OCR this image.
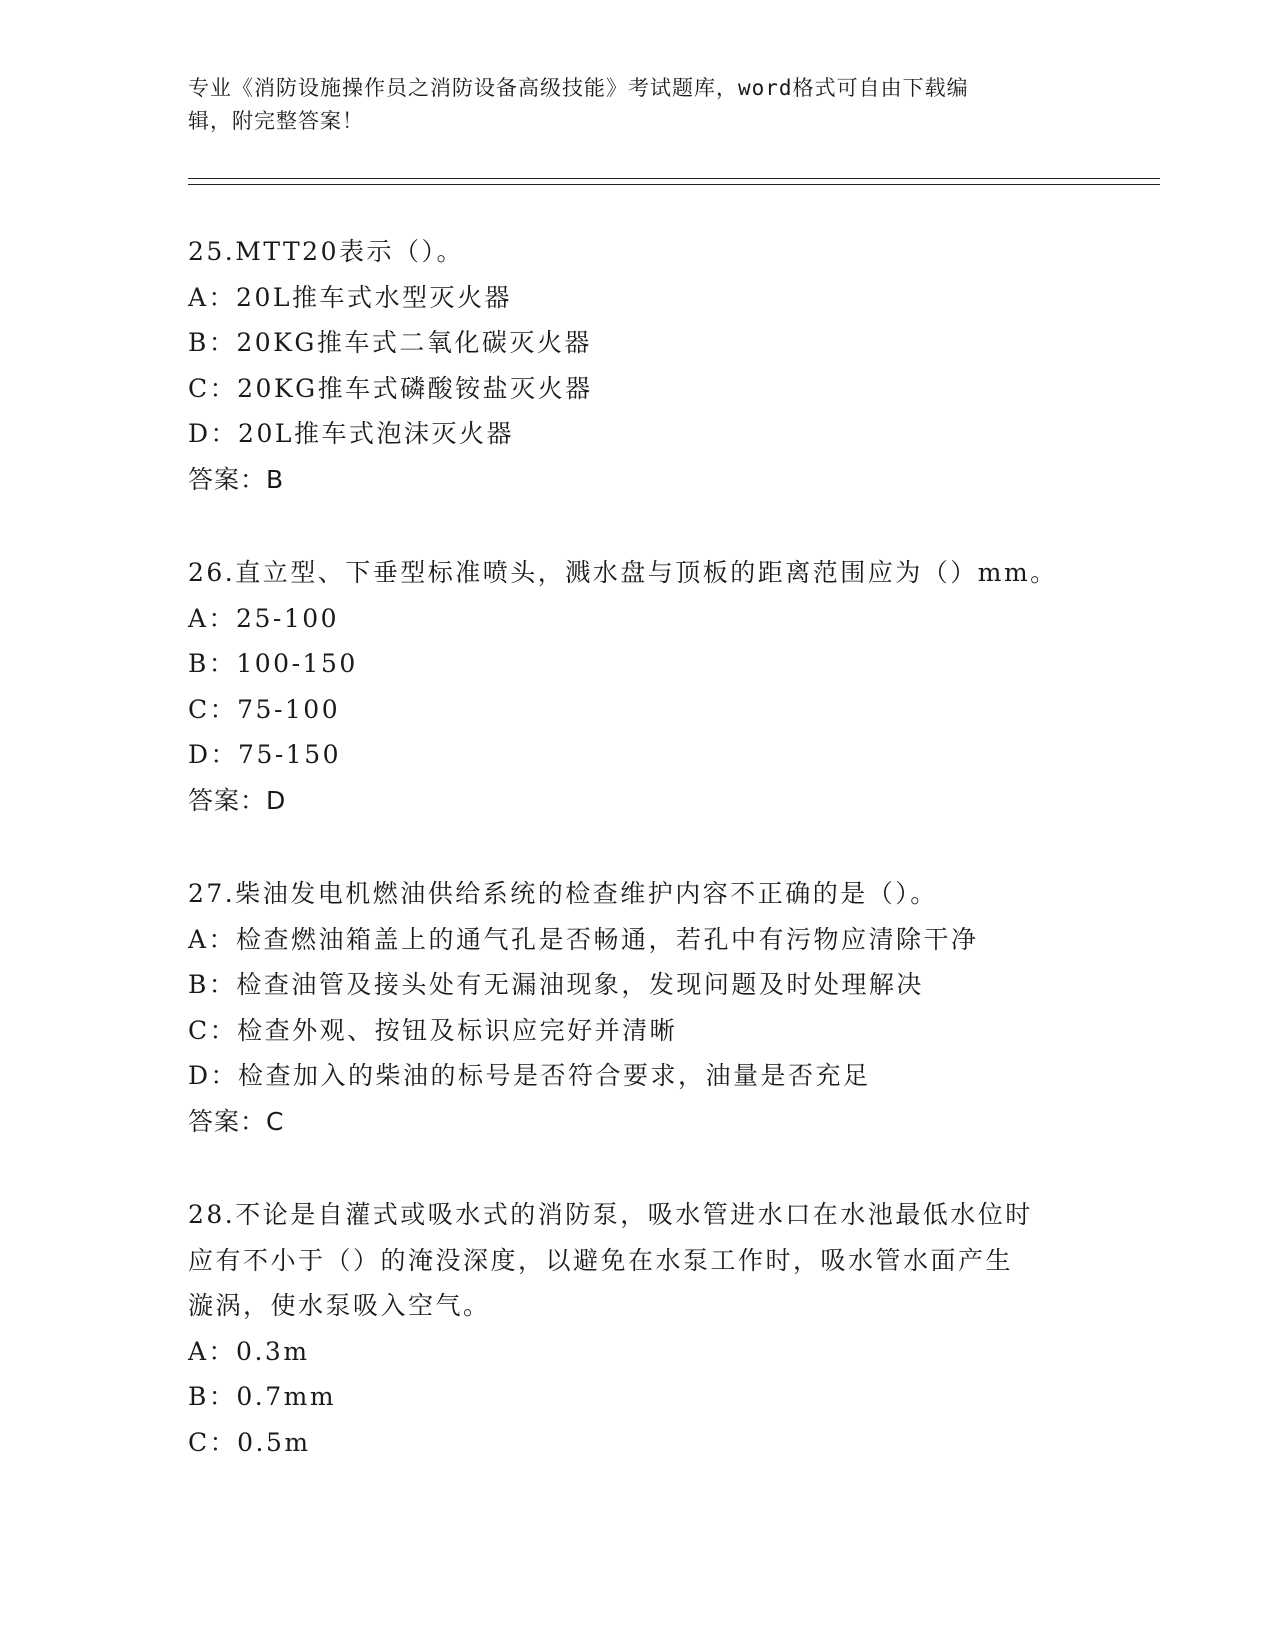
专业《消防设施操作员之消防设备高级技能》考试题库，word格式可自由下载编
辑，附完整答案！
25.MTT20表示（）。
A：20L推车式水型灭火器
B：20KG推车式二氧化碳灭火器
C：20KG推车式磷酸铵盐灭火器
D：20L推车式泡沫灭火器
答案：B
26.直立型、下垂型标准喷头，溅水盘与顶板的距离范围应为（）mm。
A：25-100
B：100-150
C：75-100
D：75-150
答案：D
27.柴油发电机燃油供给系统的检查维护内容不正确的是（）。
A：检查燃油箱盖上的通气孔是否畅通，若孔中有污物应清除干净
B：检查油管及接头处有无漏油现象，发现问题及时处理解决
C：检查外观、按钮及标识应完好并清晰
D：检查加入的柴油的标号是否符合要求，油量是否充足
答案：C
28.不论是自灌式或吸水式的消防泵，吸水管进水口在水池最低水位时
应有不小于（）的淹没深度，以避免在水泵工作时，吸水管水面产生
漩涡，使水泵吸入空气。
A：0.3m
B：0.7mm
C：0.5m
